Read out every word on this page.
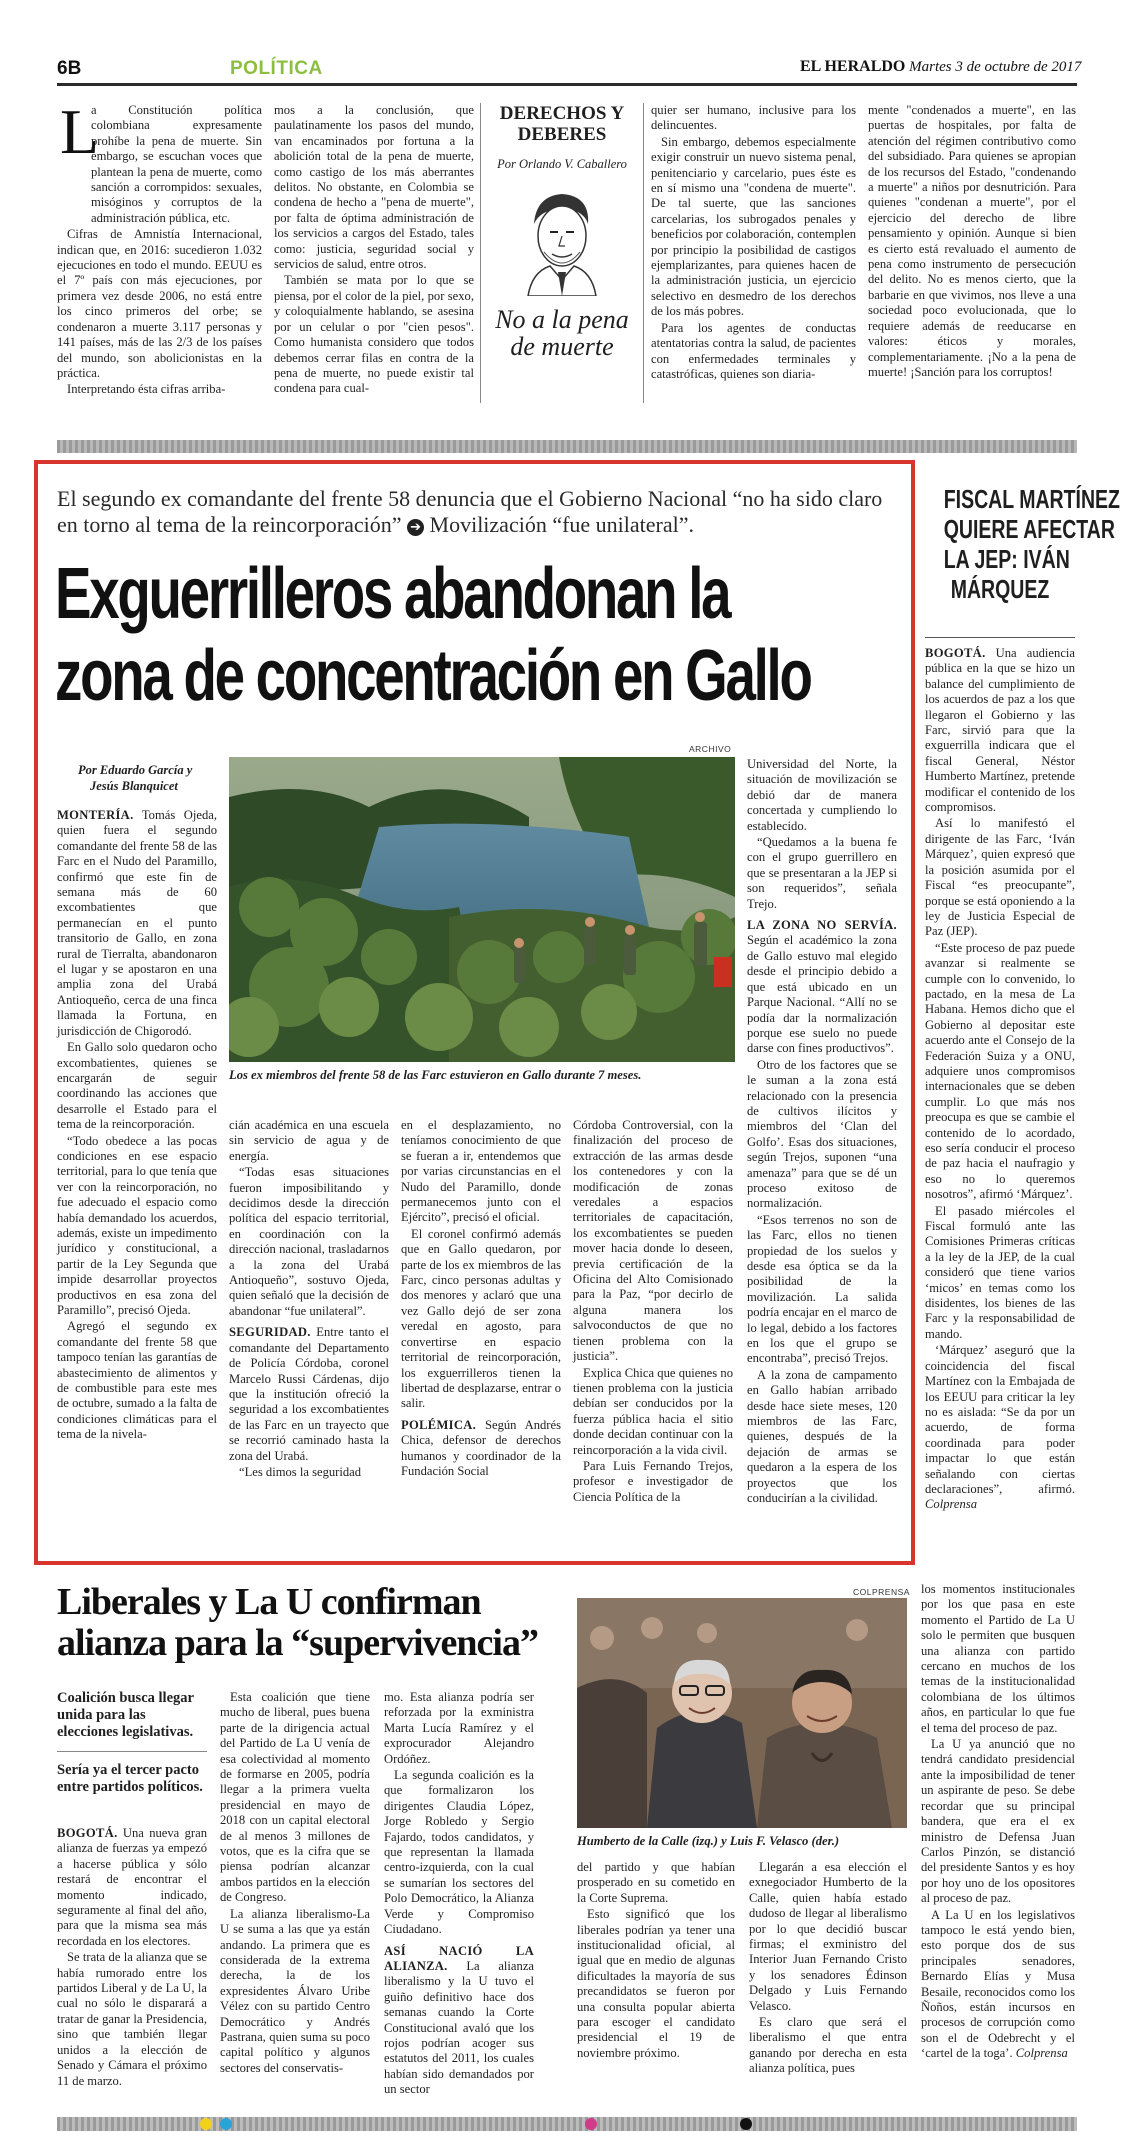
6B	POLÍTICA	EL HERALDO Martes 3 de octubre de 2017
L

a Constitución política colombiana expresamente prohíbe la pena de muerte. Sin embargo, se escuchan voces que plantean la pena de muerte, como sanción a corrompidos: sexuales, misóginos y corruptos de la administración pública, etc.

Cifras de Amnistía Internacional, indican que, en 2016: sucedieron 1.032 ejecuciones en todo el mundo. EEUU es el 7º país con más ejecuciones, por primera vez desde 2006, no está entre los cinco primeros del orbe; se condenaron a muerte 3.117 personas y 141 países, más de las 2/3 de los países del mundo, son abolicionistas en la práctica.

Interpretando ésta cifras arriba-

mos a la conclusión, que paulatinamente los pasos del mundo, van encaminados por fortuna a la abolición total de la pena de muerte, como castigo de los más aberrantes delitos. No obstante, en Colombia se condena de hecho a "pena de muerte", por falta de óptima administración de los servicios a cargos del Estado, tales como: justicia, seguridad social y servicios de salud, entre otros.

También se mata por lo que se piensa, por el color de la piel, por sexo, y coloquialmente hablando, se asesina por un celular o por "cien pesos". Como humanista considero que todos debemos cerrar filas en contra de la pena de muerte, no puede existir tal condena para cual-

DERECHOS Y DEBERES
Por Orlando V. Caballero
No a la pena de muerte

quier ser humano, inclusive para los delincuentes.

Sin embargo, debemos especialmente exigir construir un nuevo sistema penal, penitenciario y carcelario, pues éste es en sí mismo una "condena de muerte". De tal suerte, que las sanciones carcelarias, los subrogados penales y beneficios por colaboración, contemplen por principio la posibilidad de castigos ejemplarizantes, para quienes hacen de la administración justicia, un ejercicio selectivo en desmedro de los derechos de los más pobres.

Para los agentes de conductas atentatorias contra la salud, de pacientes con enfermedades terminales y catastróficas, quienes son diaria-

mente "condenados a muerte", en las puertas de hospitales, por falta de atención del régimen contributivo como del subsidiado. Para quienes se apropian de los recursos del Estado, "condenando a muerte" a niños por desnutrición. Para quienes "condenan a muerte", por el ejercicio del derecho de libre pensamiento y opinión. Aunque si bien es cierto está revaluado el aumento de pena como instrumento de persecución del delito. No es menos cierto, que la barbarie en que vivimos, nos lleve a una sociedad poco evolucionada, que lo requiere además de reeducarse en valores: éticos y morales, complementariamente. ¡No a la pena de muerte! ¡Sanción para los corruptos!

El segundo ex comandante del frente 58 denuncia que el Gobierno Nacional “no ha sido claro en torno al tema de la reincorporación” ➔ Movilización “fue unilateral”.
Exguerrilleros abandonan la
zona de concentración en Gallo
Por Eduardo García y
Jesús Blanquicet
ARCHIVO
Los ex miembros del frente 58 de las Farc estuvieron en Gallo durante 7 meses.

MONTERÍA. Tomás Ojeda, quien fuera el segundo comandante del frente 58 de las Farc en el Nudo del Paramillo, confirmó que este fin de semana más de 60 excombatientes que permanecían en el punto transitorio de Gallo, en zona rural de Tierralta, abandonaron el lugar y se apostaron en una amplia zona del Urabá Antioqueño, cerca de una finca llamada la Fortuna, en jurisdicción de Chigorodó.

En Gallo solo quedaron ocho excombatientes, quienes se encargarán de seguir coordinando las acciones que desarrolle el Estado para el tema de la reincorporación.

“Todo obedece a las pocas condiciones en ese espacio territorial, para lo que tenía que ver con la reincorporación, no fue adecuado el espacio como había demandado los acuerdos, además, existe un impedimento jurídico y constitucional, a partir de la Ley Segunda que impide desarrollar proyectos productivos en esa zona del Paramillo”, precisó Ojeda.

Agregó el segundo ex comandante del frente 58 que tampoco tenían las garantías de abastecimiento de alimentos y de combustible para este mes de octubre, sumado a la falta de condiciones climáticas para el tema de la nivela-

cián académica en una escuela sin servicio de agua y de energía.

“Todas esas situaciones fueron imposibilitando y decidimos desde la dirección política del espacio territorial, en coordinación con la dirección nacional, trasladarnos a la zona del Urabá Antioqueño”, sostuvo Ojeda, quien señaló que la decisión de abandonar “fue unilateral”.

SEGURIDAD. Entre tanto el comandante del Departamento de Policía Córdoba, coronel Marcelo Russi Cárdenas, dijo que la institución ofreció la seguridad a los excombatientes de las Farc en un trayecto que se recorrió caminado hasta la zona del Urabá.

“Les dimos la seguridad

en el desplazamiento, no teníamos conocimiento de que se fueran a ir, entendemos que por varias circunstancias en el Nudo del Paramillo, donde permanecemos junto con el Ejército”, precisó el oficial.

El coronel confirmó además que en Gallo quedaron, por parte de los ex miembros de las Farc, cinco personas adultas y dos menores y aclaró que una vez Gallo dejó de ser zona veredal en agosto, para convertirse en espacio territorial de reincorporación, los exguerrilleros tienen la libertad de desplazarse, entrar o salir.

POLÉMICA. Según Andrés Chica, defensor de derechos humanos y coordinador de la Fundación Social

Córdoba Controversial, con la finalización del proceso de extracción de las armas desde los contenedores y con la modificación de zonas veredales a espacios territoriales de capacitación, los excombatientes se pueden mover hacia donde lo deseen, previa certificación de la Oficina del Alto Comisionado para la Paz, “por decirlo de alguna manera los salvoconductos de que no tienen problema con la justicia”.

Explica Chica que quienes no tienen problema con la justicia debían ser conducidos por la fuerza pública hacia el sitio donde decidan continuar con la reincorporación a la vida civil.

Para Luis Fernando Trejos, profesor e investigador de Ciencia Política de la

Universidad del Norte, la situación de movilización se debió dar de manera concertada y cumpliendo lo establecido.

“Quedamos a la buena fe con el grupo guerrillero en que se presentaran a la JEP si son requeridos”, señala Trejo.

LA ZONA NO SERVÍA. Según el académico la zona de Gallo estuvo mal elegido desde el principio debido a que está ubicado en un Parque Nacional. “Allí no se podía dar la normalización porque ese suelo no puede darse con fines productivos”.

Otro de los factores que se le suman a la zona está relacionado con la presencia de cultivos ilícitos y miembros del ‘Clan del Golfo’. Esas dos situaciones, según Trejos, suponen “una amenaza” para que se dé un proceso exitoso de normalización.

“Esos terrenos no son de las Farc, ellos no tienen propiedad de los suelos y desde esa óptica se da la posibilidad de la movilización. La salida podría encajar en el marco de lo legal, debido a los factores en los que el grupo se encontraba”, precisó Trejos.

A la zona de campamento en Gallo habían arribado desde hace siete meses, 120 miembros de las Farc, quienes, después de la dejación de armas se quedaron a la espera de los proyectos que los conducirían a la civilidad.

FISCAL MARTÍNEZ
QUIERE AFECTAR
LA JEP: IVÁN
MÁRQUEZ

BOGOTÁ. Una audiencia pública en la que se hizo un balance del cumplimiento de los acuerdos de paz a los que llegaron el Gobierno y las Farc, sirvió para que la exguerrilla indicara que el fiscal General, Néstor Humberto Martínez, pretende modificar el contenido de los compromisos.

Así lo manifestó el dirigente de las Farc, ‘Iván Márquez’, quien expresó que la posición asumida por el Fiscal “es preocupante”, porque se está oponiendo a la ley de Justicia Especial de Paz (JEP).

“Este proceso de paz puede avanzar si realmente se cumple con lo convenido, lo pactado, en la mesa de La Habana. Hemos dicho que el Gobierno al depositar este acuerdo ante el Consejo de la Federación Suiza y a ONU, adquiere unos compromisos internacionales que se deben cumplir. Lo que más nos preocupa es que se cambie el contenido de lo acordado, eso sería conducir el proceso de paz hacia el naufragio y eso no lo queremos nosotros”, afirmó ‘Márquez’.

El pasado miércoles el Fiscal formuló ante las Comisiones Primeras críticas a la ley de la JEP, de la cual consideró que tiene varios ‘micos’ en temas como los disidentes, los bienes de las Farc y la responsabilidad de mando.

‘Márquez’ aseguró que la coincidencia del fiscal Martínez con la Embajada de los EEUU para criticar la ley no es aislada: “Se da por un acuerdo, de forma coordinada para poder impactar lo que están señalando con ciertas declaraciones”, afirmó. Colprensa

Liberales y La U confirman
alianza para la “supervivencia”
Coalición busca llegar unida para las elecciones legislativas.
Sería ya el tercer pacto entre partidos políticos.

BOGOTÁ. Una nueva gran alianza de fuerzas ya empezó a hacerse pública y sólo restará de encontrar el momento indicado, seguramente al final del año, para que la misma sea más recordada en los electores.

Se trata de la alianza que se había rumorado entre los partidos Liberal y de La U, la cual no sólo le disparará a tratar de ganar la Presidencia, sino que también llegar unidos a la elección de Senado y Cámara el próximo 11 de marzo.

Esta coalición que tiene mucho de liberal, pues buena parte de la dirigencia actual del Partido de La U venía de esa colectividad al momento de formarse en 2005, podría llegar a la primera vuelta presidencial en mayo de 2018 con un capital electoral de al menos 3 millones de votos, que es la cifra que se piensa podrían alcanzar ambos partidos en la elección de Congreso.

La alianza liberalismo-La U se suma a las que ya están andando. La primera que es considerada de la extrema derecha, la de los expresidentes Álvaro Uribe Vélez con su partido Centro Democrático y Andrés Pastrana, quien suma su poco capital político y algunos sectores del conservatis-

mo. Esta alianza podría ser reforzada por la exministra Marta Lucía Ramírez y el exprocurador Alejandro Ordóñez.

La segunda coalición es la que formalizaron los dirigentes Claudia López, Jorge Robledo y Sergio Fajardo, todos candidatos, y que representan la llamada centro-izquierda, con la cual se sumarían los sectores del Polo Democrático, la Alianza Verde y Compromiso Ciudadano.

ASÍ NACIÓ LA ALIANZA. La alianza liberalismo y la U tuvo el guiño definitivo hace dos semanas cuando la Corte Constitucional avaló que los rojos podrían acoger sus estatutos del 2011, los cuales habían sido demandados por un sector

COLPRENSA
Humberto de la Calle (izq.) y Luis F. Velasco (der.)

del partido y que habían prosperado en su cometido en la Corte Suprema.

Esto significó que los liberales podrían ya tener una institucionalidad oficial, al igual que en medio de algunas dificultades la mayoría de sus precandidatos se fueron por una consulta popular abierta para escoger el candidato presidencial el 19 de noviembre próximo.

Llegarán a esa elección el exnegociador Humberto de la Calle, quien había estado dudoso de llegar al liberalismo por lo que decidió buscar firmas; el exministro del Interior Juan Fernando Cristo y los senadores Édinson Delgado y Luis Fernando Velasco.

Es claro que será el liberalismo el que entra ganando por derecha en esta alianza política, pues

los momentos institucionales por los que pasa en este momento el Partido de La U solo le permiten que busquen una alianza con partido cercano en muchos de los temas de la institucionalidad colombiana de los últimos años, en particular lo que fue el tema del proceso de paz.

La U ya anunció que no tendrá candidato presidencial ante la imposibilidad de tener un aspirante de peso. Se debe recordar que su principal bandera, que era el ex ministro de Defensa Juan Carlos Pinzón, se distanció del presidente Santos y es hoy por hoy uno de los opositores al proceso de paz.

A La U en los legislativos tampoco le está yendo bien, esto porque dos de sus principales senadores, Bernardo Elías y Musa Besaile, reconocidos como los Ñoños, están incursos en procesos de corrupción como son el de Odebrecht y el ‘cartel de la toga’. Colprensa
